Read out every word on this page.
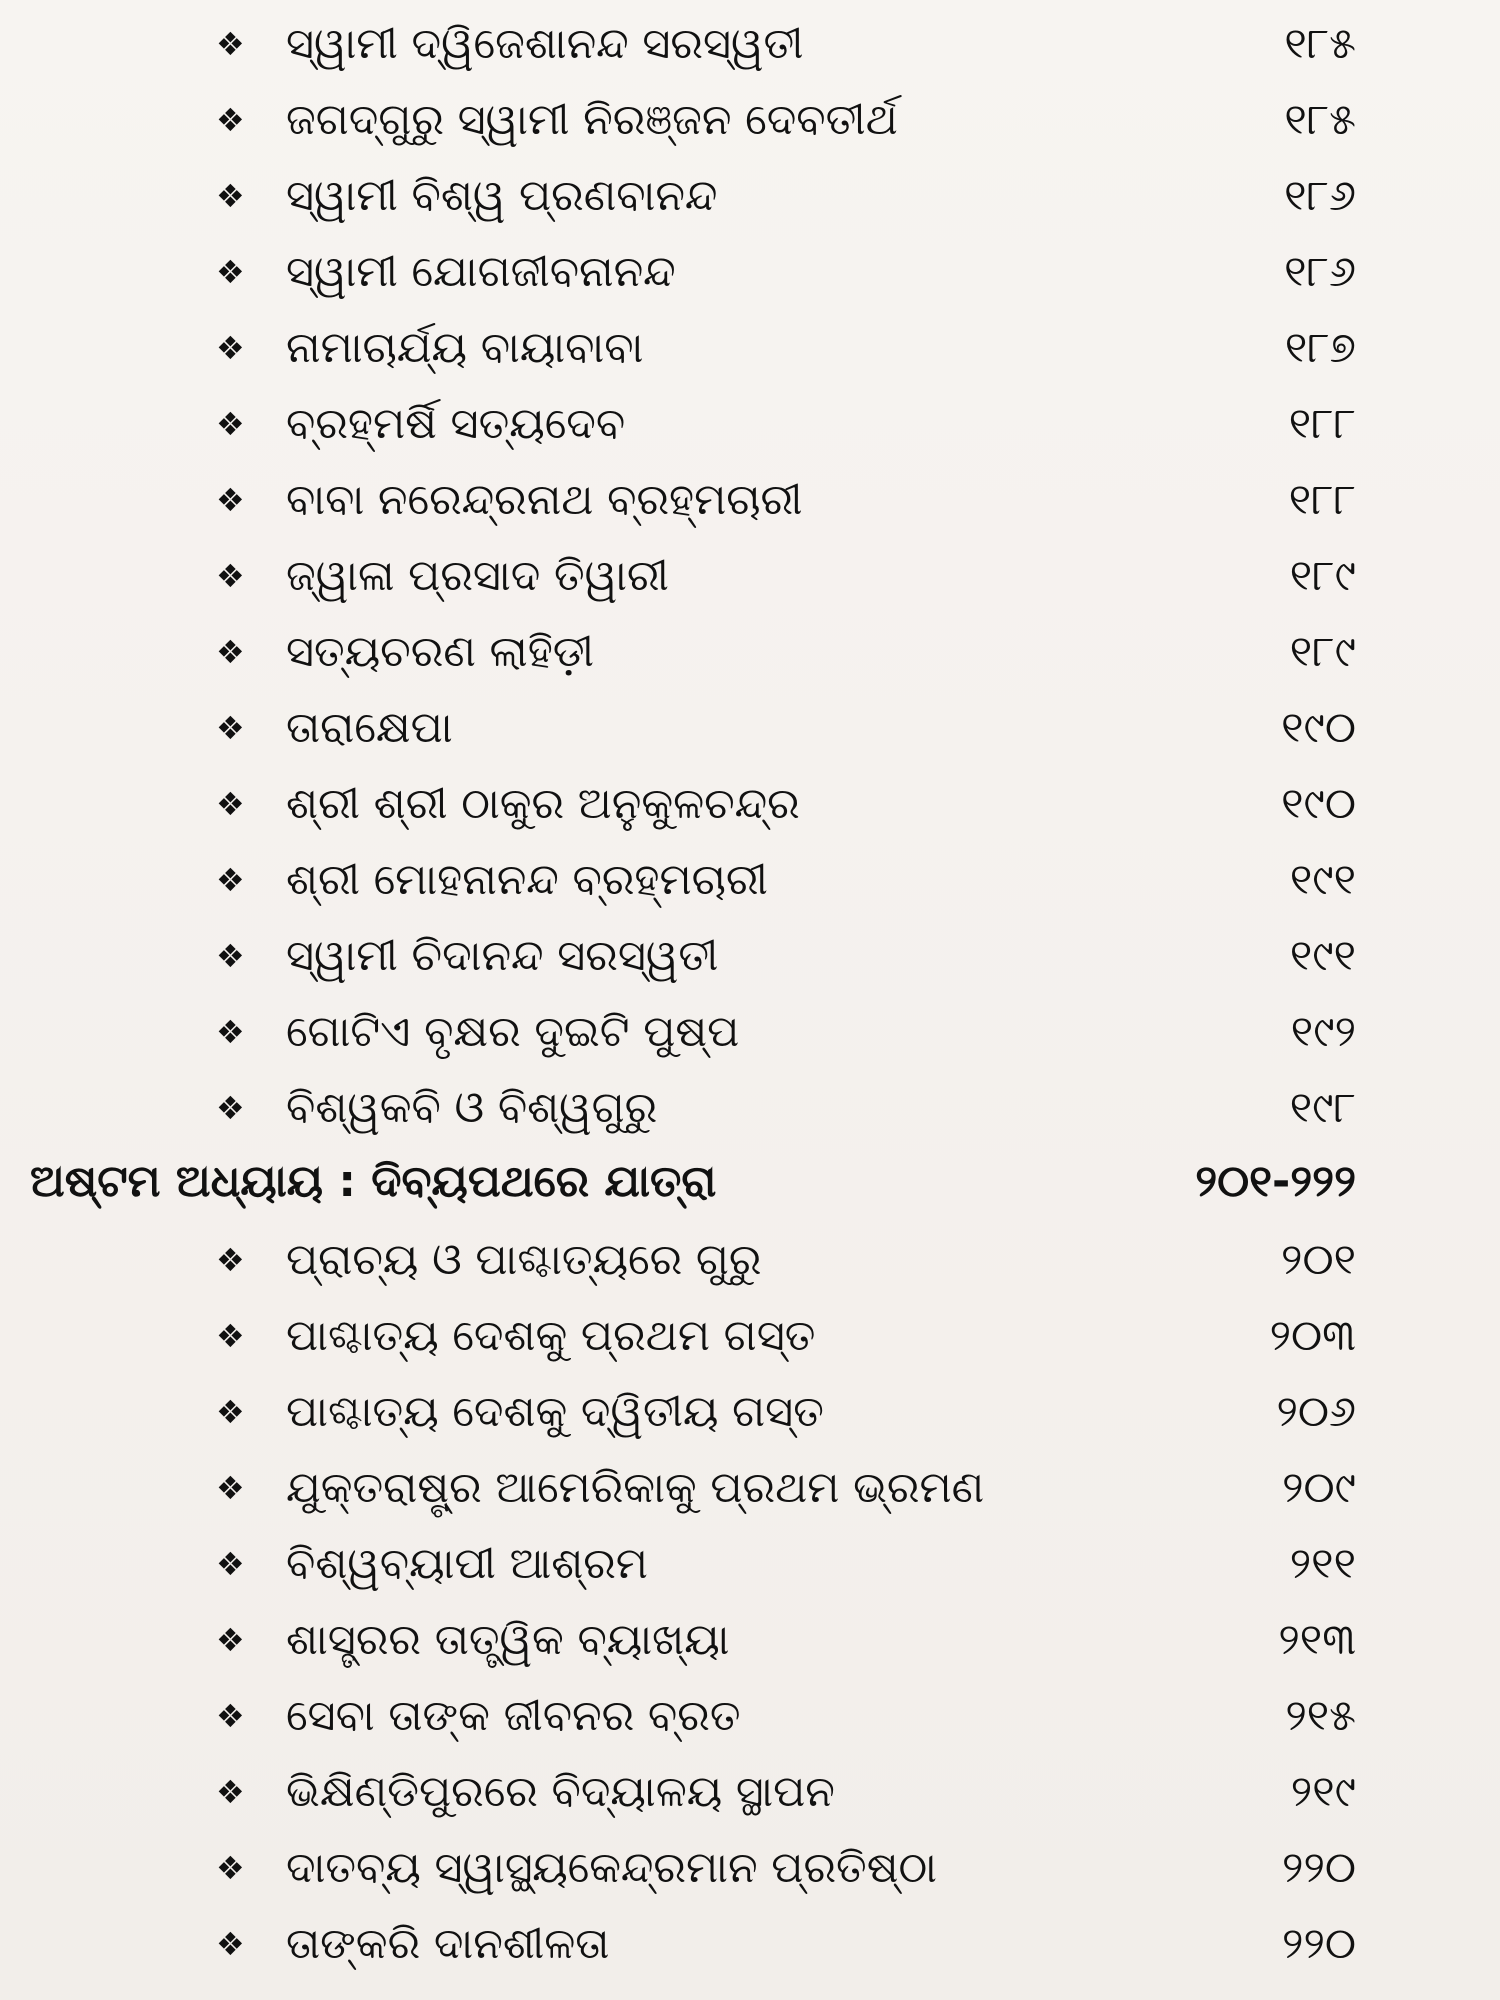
❖ ସ୍ୱାମୀ ଦ୍ୱିଜେଶାନନ୍ଦ ସରସ୍ୱତୀ	୧୮୫
❖ ଜଗଦ୍‌ଗୁରୁ ସ୍ୱାମୀ ନିରଞ୍ଜନ ଦେବତୀର୍ଥ	୧୮୫
❖ ସ୍ୱାମୀ ବିଶ୍ୱ ପ୍ରଣବାନନ୍ଦ	୧୮୬
❖ ସ୍ୱାମୀ ଯୋଗଜୀବନାନନ୍ଦ	୧୮୬
❖ ନାମାଚାର୍ଯ୍ୟ ବାୟାବାବା	୧୮୭
❖ ବ୍ରହ୍ମର୍ଷି ସତ୍ୟଦେବ	୧୮୮
❖ ବାବା ନରେନ୍ଦ୍ରନାଥ ବ୍ରହ୍ମଚାରୀ	୧୮୮
❖ ଜ୍ୱାଳା ପ୍ରସାଦ ତିୱାରୀ	୧୮୯
❖ ସତ୍ୟଚରଣ ଲାହିଡ଼ୀ	୧୮୯
❖ ତାରାକ୍ଷେପା	୧୯୦
❖ ଶ୍ରୀ ଶ୍ରୀ ଠାକୁର ଅନୁକୁଳଚନ୍ଦ୍ର	୧୯୦
❖ ଶ୍ରୀ ମୋହନାନନ୍ଦ ବ୍ରହ୍ମଚାରୀ	୧୯୧
❖ ସ୍ୱାମୀ ଚିଦାନନ୍ଦ ସରସ୍ୱତୀ	୧୯୧
❖ ଗୋଟିଏ ବୃକ୍ଷର ଦୁଇଟି ପୁଷ୍ପ	୧୯୨
❖ ବିଶ୍ୱକବି ଓ ବିଶ୍ୱଗୁରୁ	୧୯୮
ଅଷ୍ଟମ ଅଧ୍ୟାୟ : ଦିବ୍ୟପଥରେ ଯାତ୍ରା	୨୦୧-୨୨୨
❖ ପ୍ରାଚ୍ୟ ଓ ପାଶ୍ଚାତ୍ୟରେ ଗୁରୁ	୨୦୧
❖ ପାଶ୍ଚାତ୍ୟ ଦେଶକୁ ପ୍ରଥମ ଗସ୍ତ	୨୦୩
❖ ପାଶ୍ଚାତ୍ୟ ଦେଶକୁ ଦ୍ୱିତୀୟ ଗସ୍ତ	୨୦୬
❖ ଯୁକ୍ତରାଷ୍ଟ୍ର ଆମେରିକାକୁ ପ୍ରଥମ ଭ୍ରମଣ	୨୦୯
❖ ବିଶ୍ୱବ୍ୟାପୀ ଆଶ୍ରମ	୨୧୧
❖ ଶାସ୍ତ୍ରର ତାତ୍ତ୍ୱିକ ବ୍ୟାଖ୍ୟା	୨୧୩
❖ ସେବା ତାଙ୍କ ଜୀବନର ବ୍ରତ	୨୧୫
❖ ଭିକ୍ଷିଣ୍ଡିପୁରରେ ବିଦ୍ୟାଳୟ ସ୍ଥାପନ	୨୧୯
❖ ଦାତବ୍ୟ ସ୍ୱାସ୍ଥ୍ୟକେନ୍ଦ୍ରମାନ ପ୍ରତିଷ୍ଠା	୨୨୦
❖ ତାଙ୍କରି ଦାନଶୀଳତା	୨୨୦
